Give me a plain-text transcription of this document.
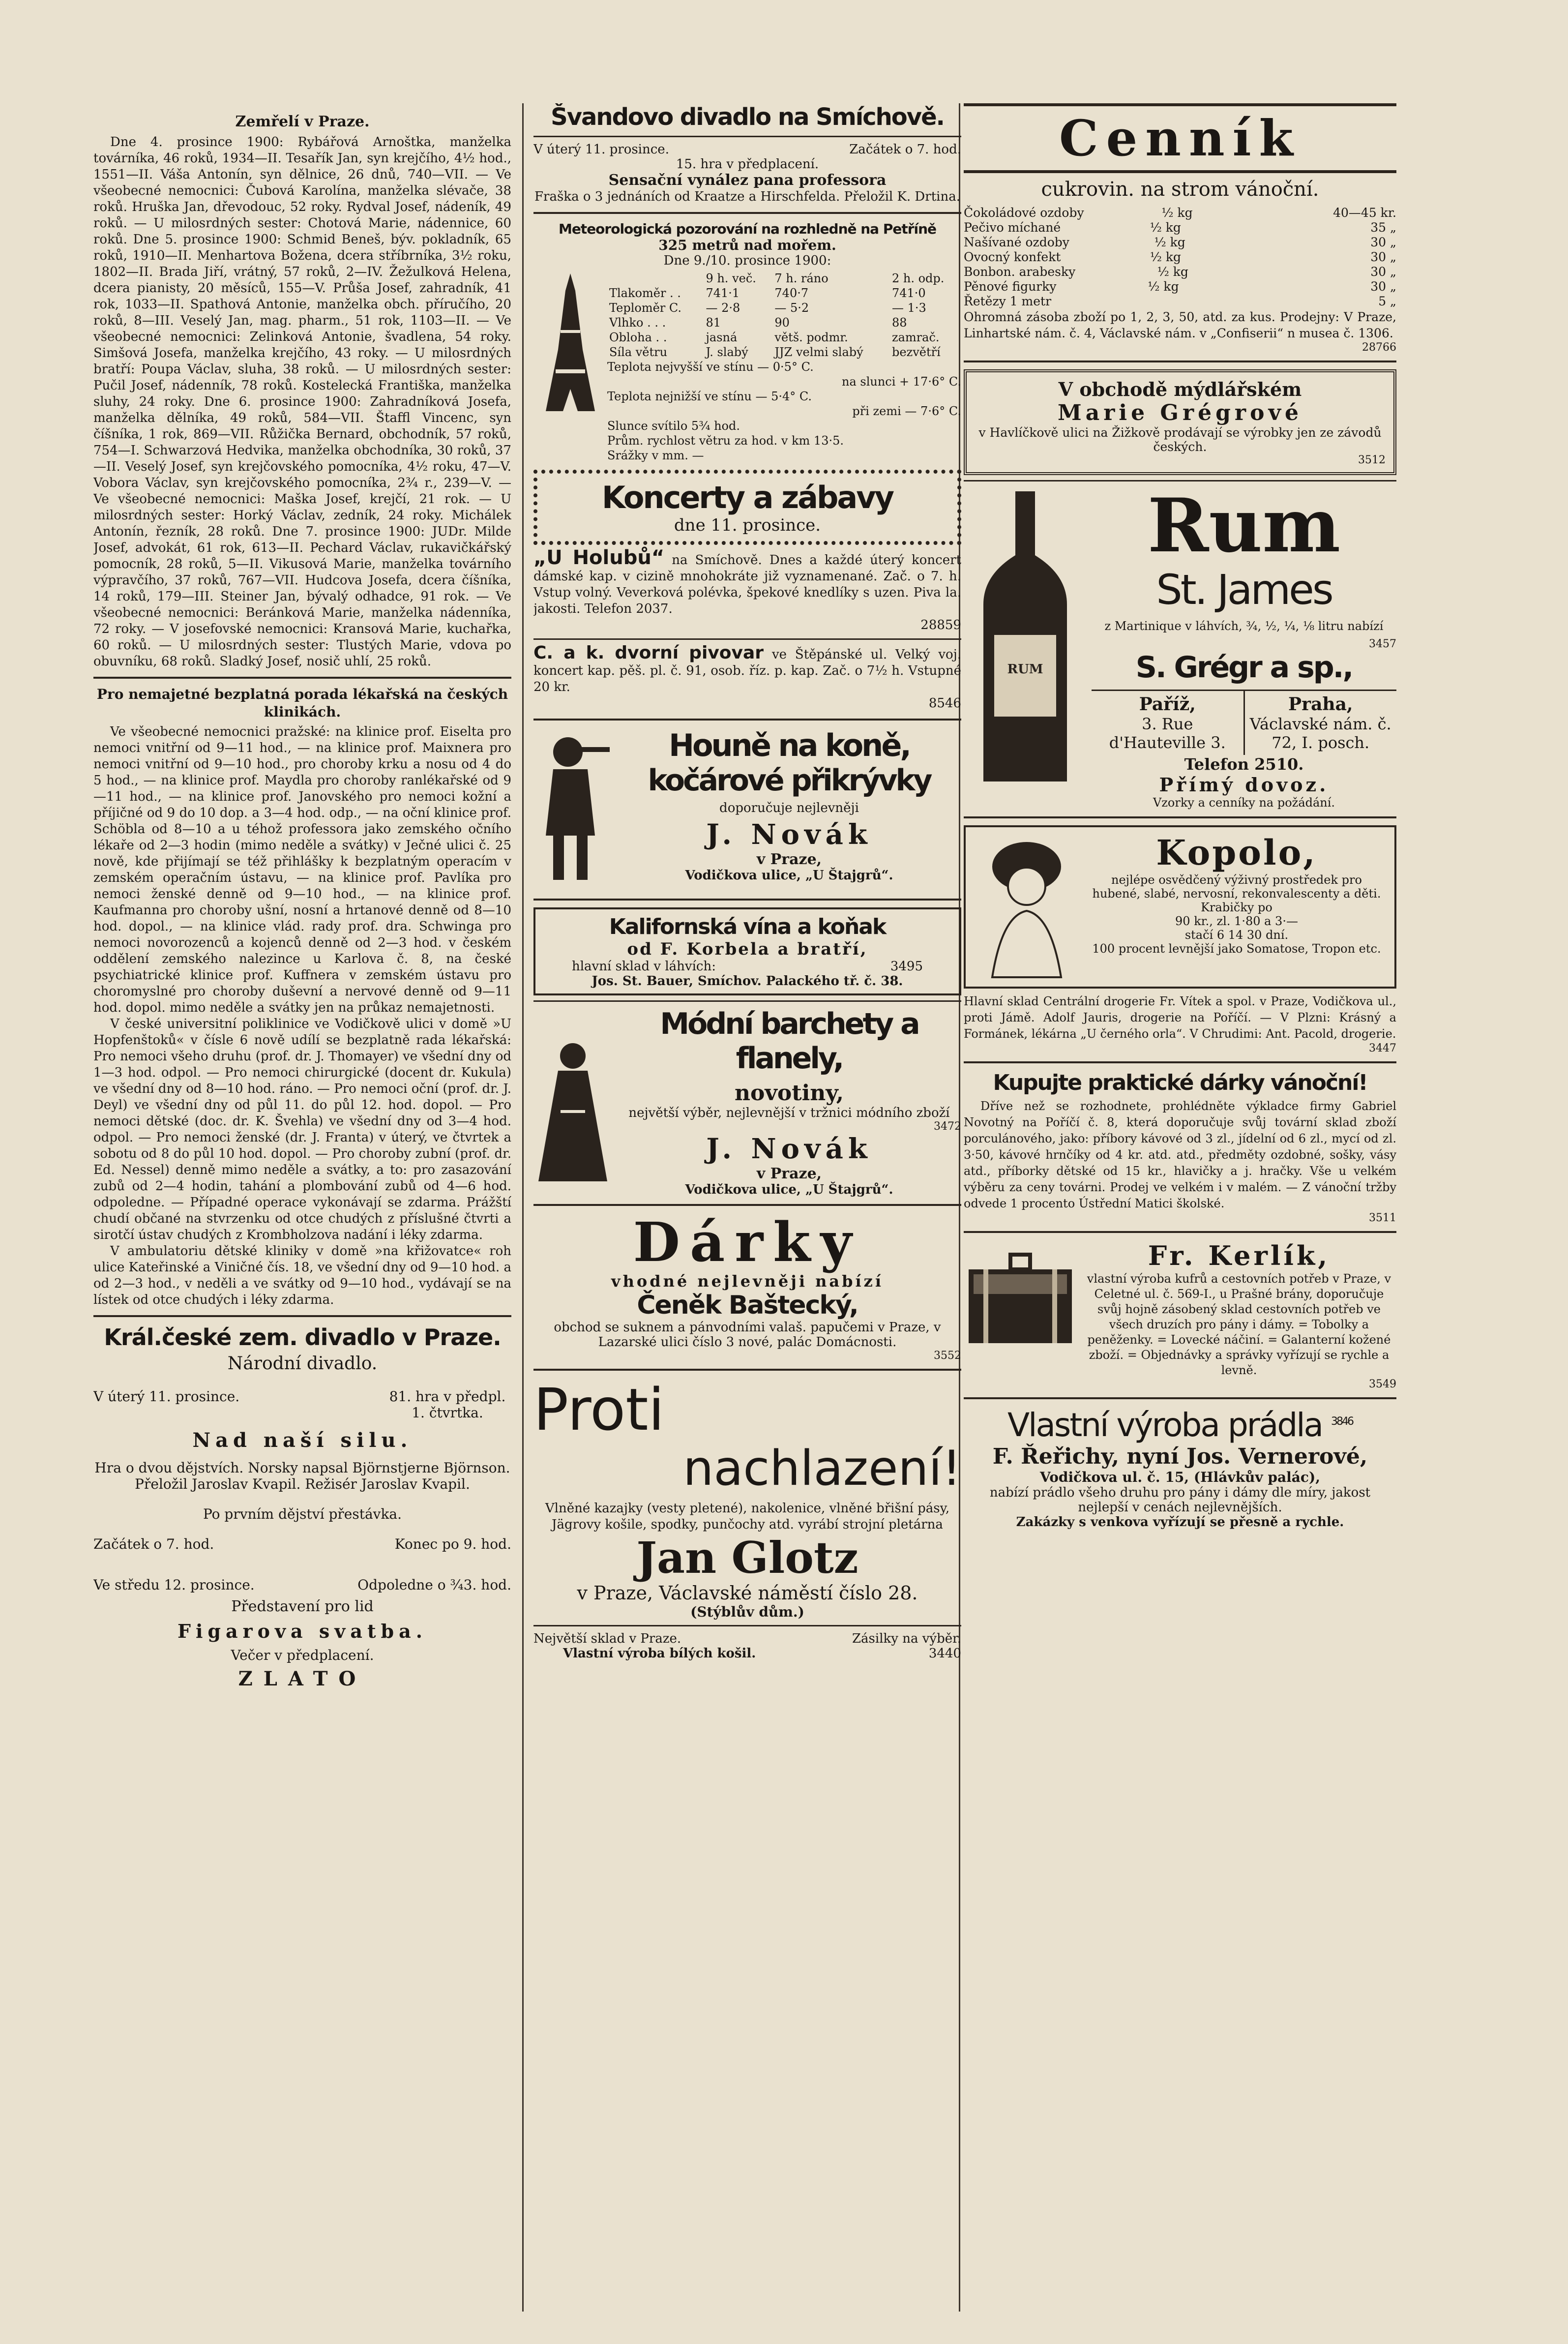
Zemřelí v Praze.

Dne 4. prosince 1900: Rybářová Arnoštka, manželka továrníka, 46 roků, 1934—II. Tesařík Jan, syn krejčího, 4½ hod., 1551—II. Váša Antonín, syn dělnice, 26 dnů, 740—VII. — Ve všeobecné nemocnici: Čubová Karolína, manželka slévače, 38 roků. Hruška Jan, dřevodouc, 52 roky. Rydval Josef, nádeník, 49 roků. — U milosrdných sester: Chotová Marie, nádennice, 60 roků. Dne 5. prosince 1900: Schmid Beneš, býv. pokladník, 65 roků, 1910—II. Menhartova Božena, dcera stříbrníka, 3½ roku, 1802—II. Brada Jiří, vrátný, 57 roků, 2—IV. Žežulková Helena, dcera pianisty, 20 měsíců, 155—V. Průša Josef, zahradník, 41 rok, 1033—II. Spathová Antonie, manželka obch. příručího, 20 roků, 8—III. Veselý Jan, mag. pharm., 51 rok, 1103—II. — Ve všeobecné nemocnici: Zelinková Antonie, švadlena, 54 roky. Simšová Josefa, manželka krejčího, 43 roky. — U milosrdných bratří: Poupa Václav, sluha, 38 roků. — U milosrdných sester: Pučil Josef, nádenník, 78 roků. Kostelecká Františka, manželka sluhy, 24 roky. Dne 6. prosince 1900: Zahradníková Josefa, manželka dělníka, 49 roků, 584—VII. Štaffl Vincenc, syn číšníka, 1 rok, 869—VII. Růžička Bernard, obchodník, 57 roků, 754—I. Schwarzová Hedvika, manželka obchodníka, 30 roků, 37—II. Veselý Josef, syn krejčovského pomocníka, 4½ roku, 47—V. Vobora Václav, syn krejčovského pomocníka, 2¾ r., 239—V. — Ve všeobecné nemocnici: Maška Josef, krejčí, 21 rok. — U milosrdných sester: Horký Václav, zedník, 24 roky. Michálek Antonín, řezník, 28 roků. Dne 7. prosince 1900: JUDr. Milde Josef, advokát, 61 rok, 613—II. Pechard Václav, rukavičkářský pomocník, 28 roků, 5—II. Vikusová Marie, manželka továrního výpravčího, 37 roků, 767—VII. Hudcova Josefa, dcera číšníka, 14 roků, 179—III. Steiner Jan, bývalý odhadce, 91 rok. — Ve všeobecné nemocnici: Beránková Marie, manželka nádenníka, 72 roky. — V josefovské nemocnici: Kransová Marie, kuchařka, 60 roků. — U milosrdných sester: Tlustých Marie, vdova po obuvníku, 68 roků. Sladký Josef, nosič uhlí, 25 roků.

Pro nemajetné bezplatná porada lékařská na českých klinikách.

Ve všeobecné nemocnici pražské: na klinice prof. Eiselta pro nemoci vnitřní od 9—11 hod., — na klinice prof. Maixnera pro nemoci vnitřní od 9—10 hod., pro choroby krku a nosu od 4 do 5 hod., — na klinice prof. Maydla pro choroby ranlékařské od 9—11 hod., — na klinice prof. Janovského pro nemoci kožní a příjičné od 9 do 10 dop. a 3—4 hod. odp., — na oční klinice prof. Schöbla od 8—10 a u téhož professora jako zemského očního lékaře od 2—3 hodin (mimo neděle a svátky) v Ječné ulici č. 25 nově, kde přijímají se též přihlášky k bezplatným operacím v zemském operačním ústavu, — na klinice prof. Pavlíka pro nemoci ženské denně od 9—10 hod., — na klinice prof. Kaufmanna pro choroby ušní, nosní a hrtanové denně od 8—10 hod. dopol., — na klinice vlád. rady prof. dra. Schwinga pro nemoci novorozenců a kojenců denně od 2—3 hod. v českém oddělení zemského nalezince u Karlova č. 8, na české psychiatrické klinice prof. Kuffnera v zemském ústavu pro choromyslné pro choroby duševní a nervové denně od 9—11 hod. dopol. mimo neděle a svátky jen na průkaz nemajetnosti.

V české universitní poliklinice ve Vodičkově ulici v domě »U Hopfenštoků« v čísle 6 nově udílí se bezplatně rada lékařská: Pro nemoci všeho druhu (prof. dr. J. Thomayer) ve všední dny od 1—3 hod. odpol. — Pro nemoci chirurgické (docent dr. Kukula) ve všední dny od 8—10 hod. ráno. — Pro nemoci oční (prof. dr. J. Deyl) ve všední dny od půl 11. do půl 12. hod. dopol. — Pro nemoci dětské (doc. dr. K. Švehla) ve všední dny od 3—4 hod. odpol. — Pro nemoci ženské (dr. J. Franta) v úterý, ve čtvrtek a sobotu od 8 do půl 10 hod. dopol. — Pro choroby zubní (prof. dr. Ed. Nessel) denně mimo neděle a svátky, a to: pro zasazování zubů od 2—4 hodin, tahání a plombování zubů od 4—6 hod. odpoledne. — Případné operace vykonávají se zdarma. Prážští chudí občané na stvrzenku od otce chudých z příslušné čtvrti a sirotčí ústav chudých z Krombholzova nadání i léky zdarma.

V ambulatoriu dětské kliniky v domě »na křižovatce« roh ulice Kateřinské a Viničné čís. 18, ve všední dny od 9—10 hod. a od 2—3 hod., v neděli a ve svátky od 9—10 hod., vydávají se na lístek od otce chudých i léky zdarma.

Král.české zem. divadlo v Praze.
Národní divadlo.
V úterý 11. prosince.	81. hra v předpl. 1. čtvrtka.
Nad naší silu.
Hra o dvou dějstvích. Norsky napsal Björnstjerne Björnson. Přeložil Jaroslav Kvapil. Režisér Jaroslav Kvapil.
Po prvním dějství přestávka.
Začátek o 7. hod.	Konec po 9. hod.
Ve středu 12. prosince.	Odpoledne o ¾3. hod.
Představení pro lid
Figarova svatba.
Večer v předplacení.
ZLATO
Švandovo divadlo na Smíchově.
V úterý 11. prosince.	Začátek o 7. hod.
15. hra v předplacení.
Sensační vynález pana professora
Fraška o 3 jednáních od Kraatze a Hirschfelda. Přeložil K. Drtina.
Meteorologická pozorování na rozhledně na Petříně
325 metrů nad mořem.
Dne 9./10. prosince 1900:
	9 h. več.	7 h. ráno	2 h. odp.
Tlakoměr . .	741·1	740·7	741·0
Teploměr C.	— 2·8	— 5·2	— 1·3
Vlhko . . .	81	90	88
Obloha . .	jasná	větš. podmr.	zamrač.
Síla větru	J. slabý	JJZ velmi slabý	bezvětří
Teplota nejvyšší ve stínu — 0·5° C.
na slunci + 17·6° C.
Teplota nejnižší ve stínu — 5·4° C.
při zemi — 7·6° C.
Slunce svítilo 5¾ hod.
Prům. rychlost větru za hod. v km 13·5.
Srážky v mm. —
Koncerty a zábavy
dne 11. prosince.
„U Holubů“ na Smíchově. Dnes a každé úterý koncert dámské kap. v cizině mnohokráte již vyznamenané. Zač. o 7. h. Vstup volný. Veverková polévka, špekové knedlíky s uzen. Piva la. jakosti. Telefon 2037.
28859
C. a k. dvorní pivovar ve Štěpánské ul. Velký voj. koncert kap. pěš. pl. č. 91, osob. říz. p. kap. Zač. o 7½ h. Vstupné 20 kr.
8546
Houně na koně,
kočárové přikrývky
doporučuje nejlevněji
J. Novák
v Praze,
Vodičkova ulice, „U Štajgrů“.
Kalifornská vína a koňak
od F. Korbela a bratří,
hlavní sklad v láhvích:	3495
Jos. St. Bauer, Smíchov. Palackého tř. č. 38.
Módní barchety a flanely,
novotiny,
největší výběr, nejlevnější v tržnici módního zboží
3472
J. Novák
v Praze,
Vodičkova ulice, „U Štajgrů“.
Dárky
vhodné nejlevněji nabízí
Čeněk Baštecký,
obchod se suknem a pánvodními valaš. papučemi v Praze, v Lazarské ulici číslo 3 nové, palác Domácnosti.
3552
Proti
nachlazení!
Vlněné kazajky (vesty pletené), nakolenice, vlněné břišní pásy, Jägrovy košile, spodky, punčochy atd. vyrábí strojní pletárna
Jan Glotz
v Praze, Václavské náměstí číslo 28.
(Stýblův dům.)
Největší sklad v Praze.	Zásilky na výběr.
Vlastní výroba bílých košil.	3440
Cenník
cukrovin. na strom vánoční.
Čokoládové ozdoby	½ kg	40—45 kr.
Pečivo míchané	½ kg	35 „
Našívané ozdoby	½ kg	30 „
Ovocný konfekt	½ kg	30 „
Bonbon. arabesky	½ kg	30 „
Pěnové figurky	½ kg	30 „
Řetězy 1 metr	5 „
Ohromná zásoba zboží po 1, 2, 3, 50, atd. za kus. Prodejny: V Praze, Linhartské nám. č. 4, Václavské nám. v „Confiserii“ n musea č. 1306.
28766
V obchodě mýdlářském
Marie Grégrové
v Havlíčkově ulici na Žižkově prodávají se výrobky jen ze závodů českých.
3512
RUM
Rum
St. James
z Martinique v láhvích, ¾, ½, ¼, ⅛ litru nabízí
3457
S. Grégr a sp.,
Paříž,
3. Rue d'Hauteville 3.
Praha,
Václavské nám. č. 72, I. posch.
Telefon 2510.
Přímý dovoz.
Vzorky a cenníky na požádání.
Kopolo,
nejlépe osvědčený výživný prostředek pro hubené, slabé, nervosní, rekonvalescenty a děti.
Krabičky po
90 kr., zl. 1·80 a 3·—
stačí 6 14 30 dní.
100 procent levnější jako Somatose, Tropon etc.
Hlavní sklad Centrální drogerie Fr. Vítek a spol. v Praze, Vodičkova ul., proti Jámě. Adolf Jauris, drogerie na Poříčí. — V Plzni: Krásný a Formánek, lékárna „U černého orla“. V Chrudimi: Ant. Pacold, drogerie.
3447
Kupujte praktické dárky vánoční!

Dříve než se rozhodnete, prohlédněte výkladce firmy Gabriel Novotný na Poříčí č. 8, která doporučuje svůj tovární sklad zboží porculánového, jako: příbory kávové od 3 zl., jídelní od 6 zl., mycí od zl. 3·50, kávové hrnčíky od 4 kr. atd. atd., předměty ozdobné, sošky, vásy atd., příborky dětské od 15 kr., hlavičky a j. hračky. Vše u velkém výběru za ceny továrni. Prodej ve velkém i v malém. — Z vánoční tržby odvede 1 procento Ústřední Matici školské.

3511
Fr. Kerlík,
vlastní výroba kufrů a cestovních potřeb v Praze, v Celetné ul. č. 569-I., u Prašné brány, doporučuje svůj hojně zásobený sklad cestovních potřeb ve všech druzích pro pány i dámy. = Tobolky a peněženky. = Lovecké náčiní. = Galanterní kožené zboží. = Objednávky a správky vyřízují se rychle a levně.
3549
Vlastní výroba prádla $^{3846}$
F. Řeřichy, nyní Jos. Vernerové,
Vodičkova ul. č. 15, (Hlávkův palác),
nabízí prádlo všeho druhu pro pány i dámy dle míry, jakost nejlepší v cenách nejlevnějších.
Zakázky s venkova vyřízují se přesně a rychle.
